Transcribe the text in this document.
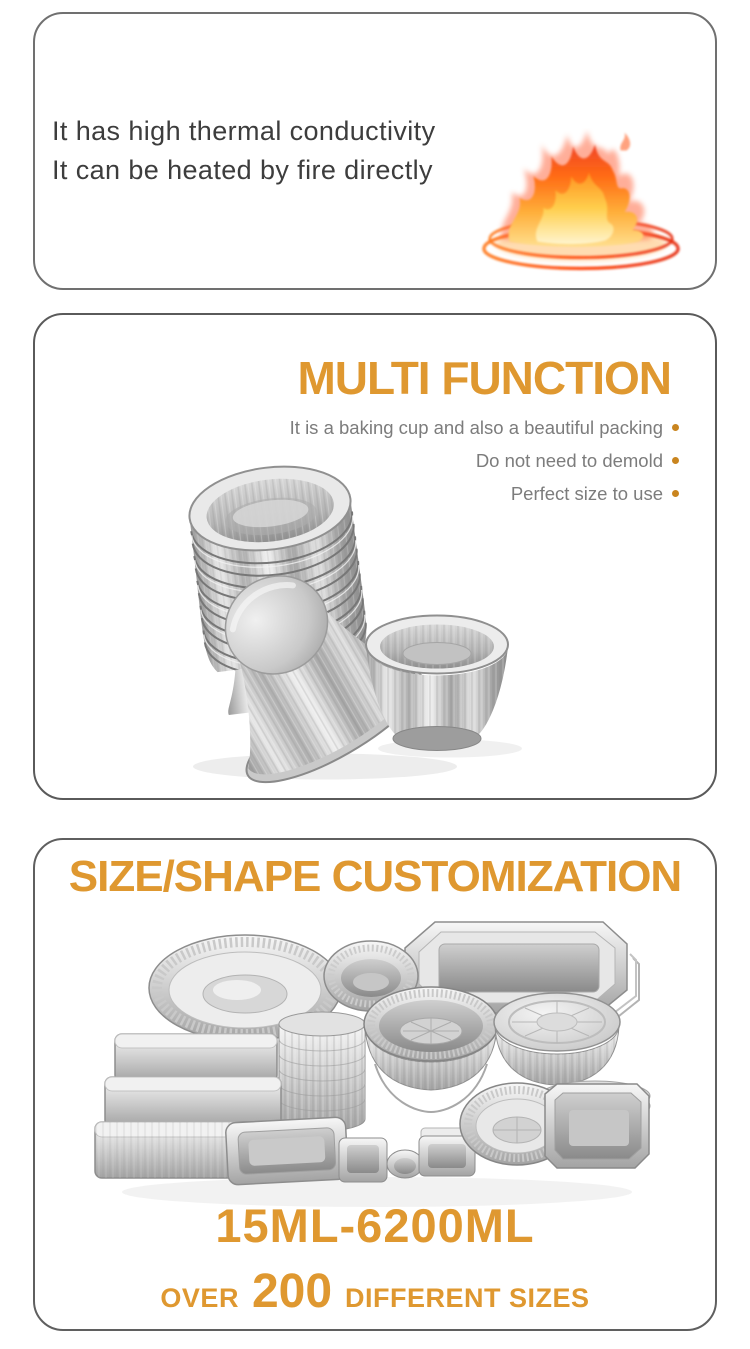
It has high thermal conductivity

It can be heated by fire directly

MULTI FUNCTION
It is a baking cup and also a beautiful packing
Do not need to demold
Perfect size to use
SIZE/SHAPE CUSTOMIZATION
15ML-6200ML
OVER 200 DIFFERENT SIZES
